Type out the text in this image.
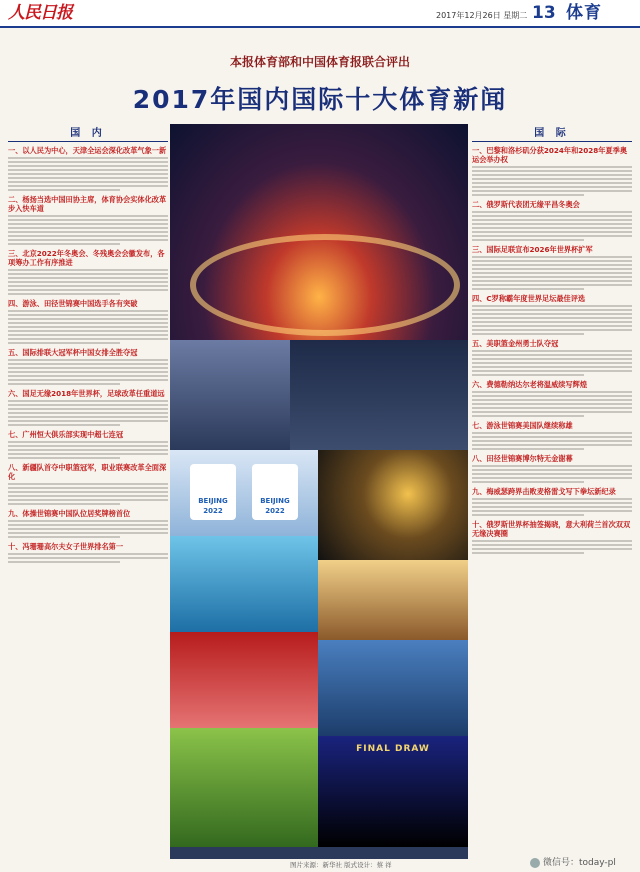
人民日报	2017年12月26日 星期二 13 体育
本报体育部和中国体育报联合评出
2017年国内国际十大体育新闻
国 内
一、以人民为中心，天津全运会深化改革气象一新
二、杨扬当选中国田协主席，体育协会实体化改革步入快车道
三、北京2022年冬奥会、冬残奥会会徽发布，各项筹办工作有序推进
四、游泳、田径世锦赛中国选手各有突破
五、国际排联大冠军杯中国女排全胜夺冠
六、国足无缘2018年世界杯，足球改革任重道远
七、广州恒大俱乐部实现中超七连冠
八、新疆队首夺中职篮冠军，职业联赛改革全面深化
九、体操世锦赛中国队位居奖牌榜首位
十、冯珊珊高尔夫女子世界排名第一
BEIJING 2022
BEIJING 2022
FINAL DRAW
国 际
一、巴黎和洛杉矶分获2024年和2028年夏季奥运会举办权
二、俄罗斯代表团无缘平昌冬奥会
三、国际足联宣布2026年世界杯扩军
四、C罗称霸年度世界足坛最佳评选
五、美职篮金州勇士队夺冠
六、费德勒纳达尔老将温威续写辉煌
七、游泳世锦赛美国队继续称雄
八、田径世锦赛博尔特无金谢幕
九、梅威瑟跨界击败麦格雷戈写下拳坛新纪录
十、俄罗斯世界杯抽签揭晓，意大利荷兰首次双双无缘决赛圈
图片来源：新华社 版式设计：蔡 祥	微信号：today-pl
